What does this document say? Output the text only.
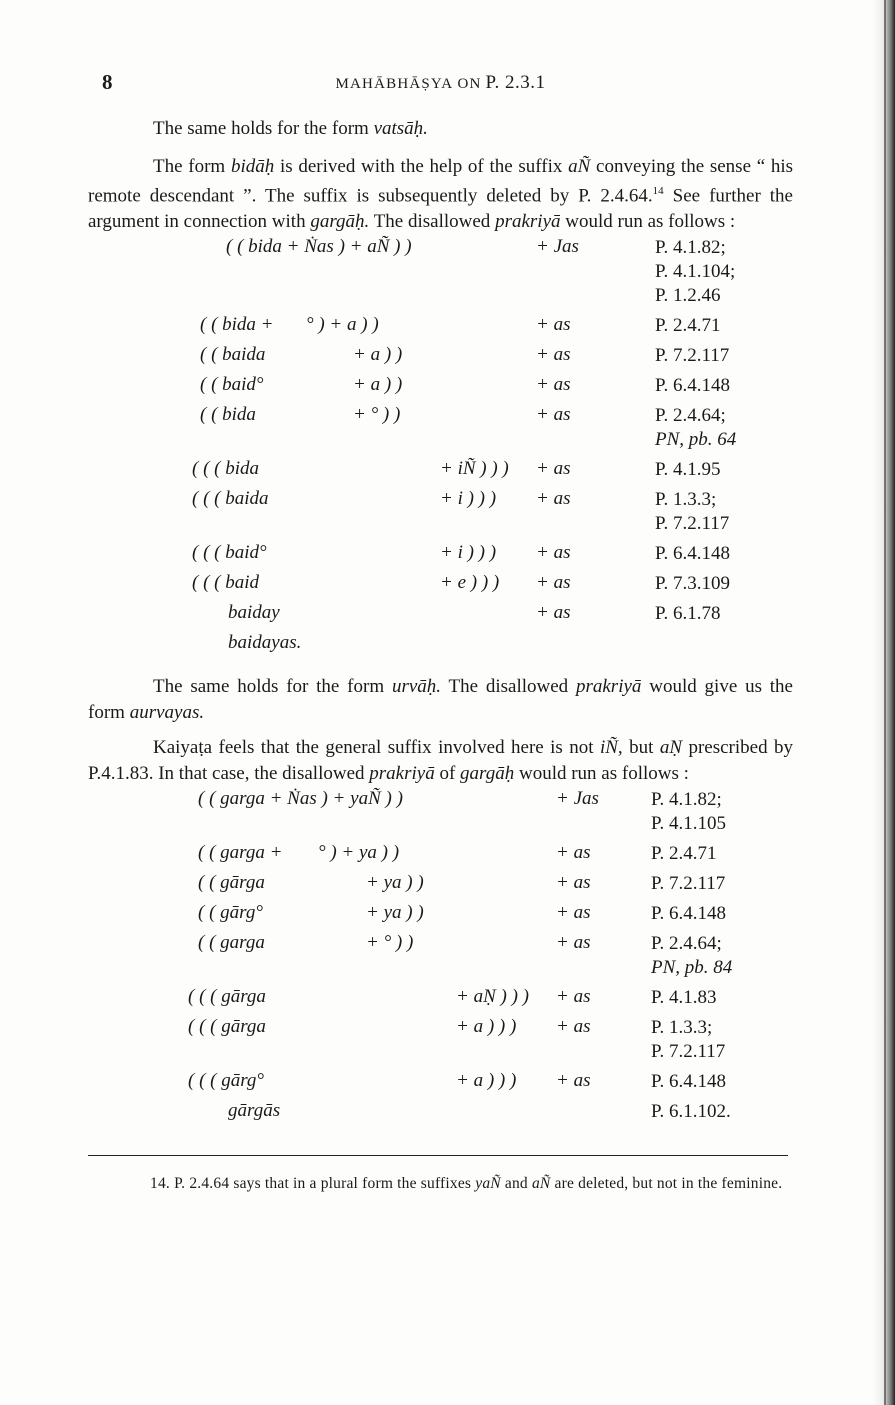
8	MAHĀBHĀṢYA ON P. 2.3.1

The same holds for the form vatsāḥ.

The form bidāḥ is derived with the help of the suffix aÑ conveying the sense “ his remote descendant ”. The suffix is subsequently deleted by P. 2.4.64.14 See further the argument in connection with gargāḥ. The disallowed prakriyā would run as follows :

( ( bida + Ṅas ) + aÑ ) )	+ Jas	P. 4.1.82;
P. 4.1.104;
P. 1.2.46
( ( bida + ° ) + a ) )	+ as	P. 2.4.71
( ( baida	+ a ) )	+ as	P. 7.2.117
( ( baid°	+ a ) )	+ as	P. 6.4.148
( ( bida	+ ° ) )	+ as	P. 2.4.64;
PN, pb. 64
( ( ( bida	+ iÑ ) ) ) + as	P. 4.1.95
( ( ( baida	+ i ) ) ) + as	P. 1.3.3;
P. 7.2.117
( ( ( baid°	+ i ) ) ) + as	P. 6.4.148
( ( ( baid	+ e ) ) ) + as	P. 7.3.109
baiday	+ as	P. 6.1.78
baidayas.

The same holds for the form urvāḥ. The disallowed prakriyā would give us the form aurvayas.

Kaiyaṭa feels that the general suffix involved here is not iÑ, but aṆ prescribed by P.4.1.83. In that case, the disallowed prakriyā of gargāḥ would run as follows :

( ( garga + Ṅas ) + yaÑ ) )	+ Jas	P. 4.1.82;
P. 4.1.105
( ( garga + ° ) + ya ) )	+ as	P. 2.4.71
( ( gārga	+ ya ) )	+ as	P. 7.2.117
( ( gārg°	+ ya ) )	+ as	P. 6.4.148
( ( garga	+ ° ) )	+ as	P. 2.4.64;
PN, pb. 84
( ( ( gārga	+ aṆ ) ) ) + as	P. 4.1.83
( ( ( gārga	+ a ) ) ) + as	P. 1.3.3;
P. 7.2.117
( ( ( gārg°	+ a ) ) ) + as	P. 6.4.148
gārgās	P. 6.1.102.

14. P. 2.4.64 says that in a plural form the suffixes yaÑ and aÑ are deleted, but not in the feminine.
